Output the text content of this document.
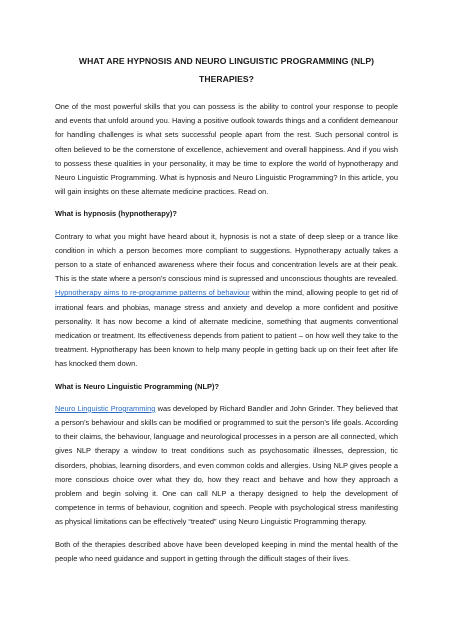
WHAT ARE HYPNOSIS AND NEURO LINGUISTIC PROGRAMMING (NLP) THERAPIES?

One of the most powerful skills that you can possess is the ability to control your response to people and events that unfold around you. Having a positive outlook towards things and a confident demeanour for handling challenges is what sets successful people apart from the rest. Such personal control is often believed to be the cornerstone of excellence, achievement and overall happiness. And if you wish to possess these qualities in your personality, it may be time to explore the world of hypnotherapy and Neuro Linguistic Programming. What is hypnosis and Neuro Linguistic Programming? In this article, you will gain insights on these alternate medicine practices. Read on.

What is hypnosis (hypnotherapy)?

Contrary to what you might have heard about it, hypnosis is not a state of deep sleep or a trance like condition in which a person becomes more compliant to suggestions. Hypnotherapy actually takes a person to a state of enhanced awareness where their focus and concentration levels are at their peak. This is the state where a person’s conscious mind is supressed and unconscious thoughts are revealed. Hypnotherapy aims to re-programme patterns of behaviour within the mind, allowing people to get rid of irrational fears and phobias, manage stress and anxiety and develop a more confident and positive personality. It has now become a kind of alternate medicine, something that augments conventional medication or treatment. Its effectiveness depends from patient to patient – on how well they take to the treatment. Hypnotherapy has been known to help many people in getting back up on their feet after life has knocked them down.

What is Neuro Linguistic Programming (NLP)?

Neuro Linguistic Programming was developed by Richard Bandler and John Grinder. They believed that a person’s behaviour and skills can be modified or programmed to suit the person’s life goals. According to their claims, the behaviour, language and neurological processes in a person are all connected, which gives NLP therapy a window to treat conditions such as psychosomatic illnesses, depression, tic disorders, phobias, learning disorders, and even common colds and allergies. Using NLP gives people a more conscious choice over what they do, how they react and behave and how they approach a problem and begin solving it. One can call NLP a therapy designed to help the development of competence in terms of behaviour, cognition and speech. People with psychological stress manifesting as physical limitations can be effectively “treated” using Neuro Linguistic Programming therapy.

Both of the therapies described above have been developed keeping in mind the mental health of the people who need guidance and support in getting through the difficult stages of their lives.
